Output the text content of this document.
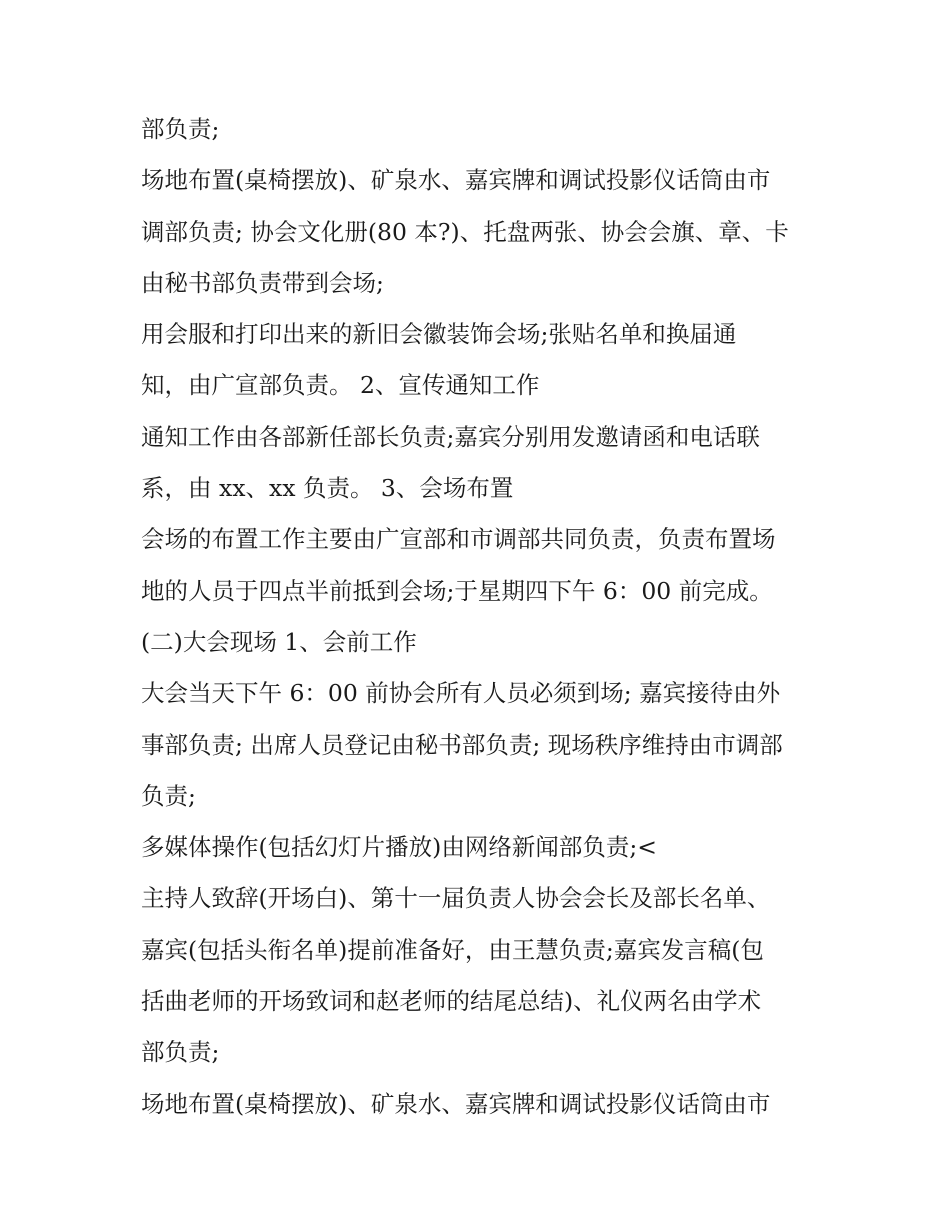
部负责;
场地布置(桌椅摆放)、矿泉水、嘉宾牌和调试投影仪话筒由市
调部负责; 协会文化册(80 本?)、托盘两张、协会会旗、章、卡
由秘书部负责带到会场;
用会服和打印出来的新旧会徽装饰会场;张贴名单和换届通
知，由广宣部负责。 2、宣传通知工作
通知工作由各部新任部长负责;嘉宾分别用发邀请函和电话联
系，由 xx、xx 负责。 3、会场布置
会场的布置工作主要由广宣部和市调部共同负责，负责布置场
地的人员于四点半前抵到会场;于星期四下午 6：00 前完成。
(二)大会现场 1、会前工作
大会当天下午 6：00 前协会所有人员必须到场; 嘉宾接待由外
事部负责; 出席人员登记由秘书部负责; 现场秩序维持由市调部
负责;
多媒体操作(包括幻灯片播放)由网络新闻部负责;<
主持人致辞(开场白)、第十一届负责人协会会长及部长名单、
嘉宾(包括头衔名单)提前准备好，由王慧负责;嘉宾发言稿(包
括曲老师的开场致词和赵老师的结尾总结)、礼仪两名由学术
部负责;
场地布置(桌椅摆放)、矿泉水、嘉宾牌和调试投影仪话筒由市
